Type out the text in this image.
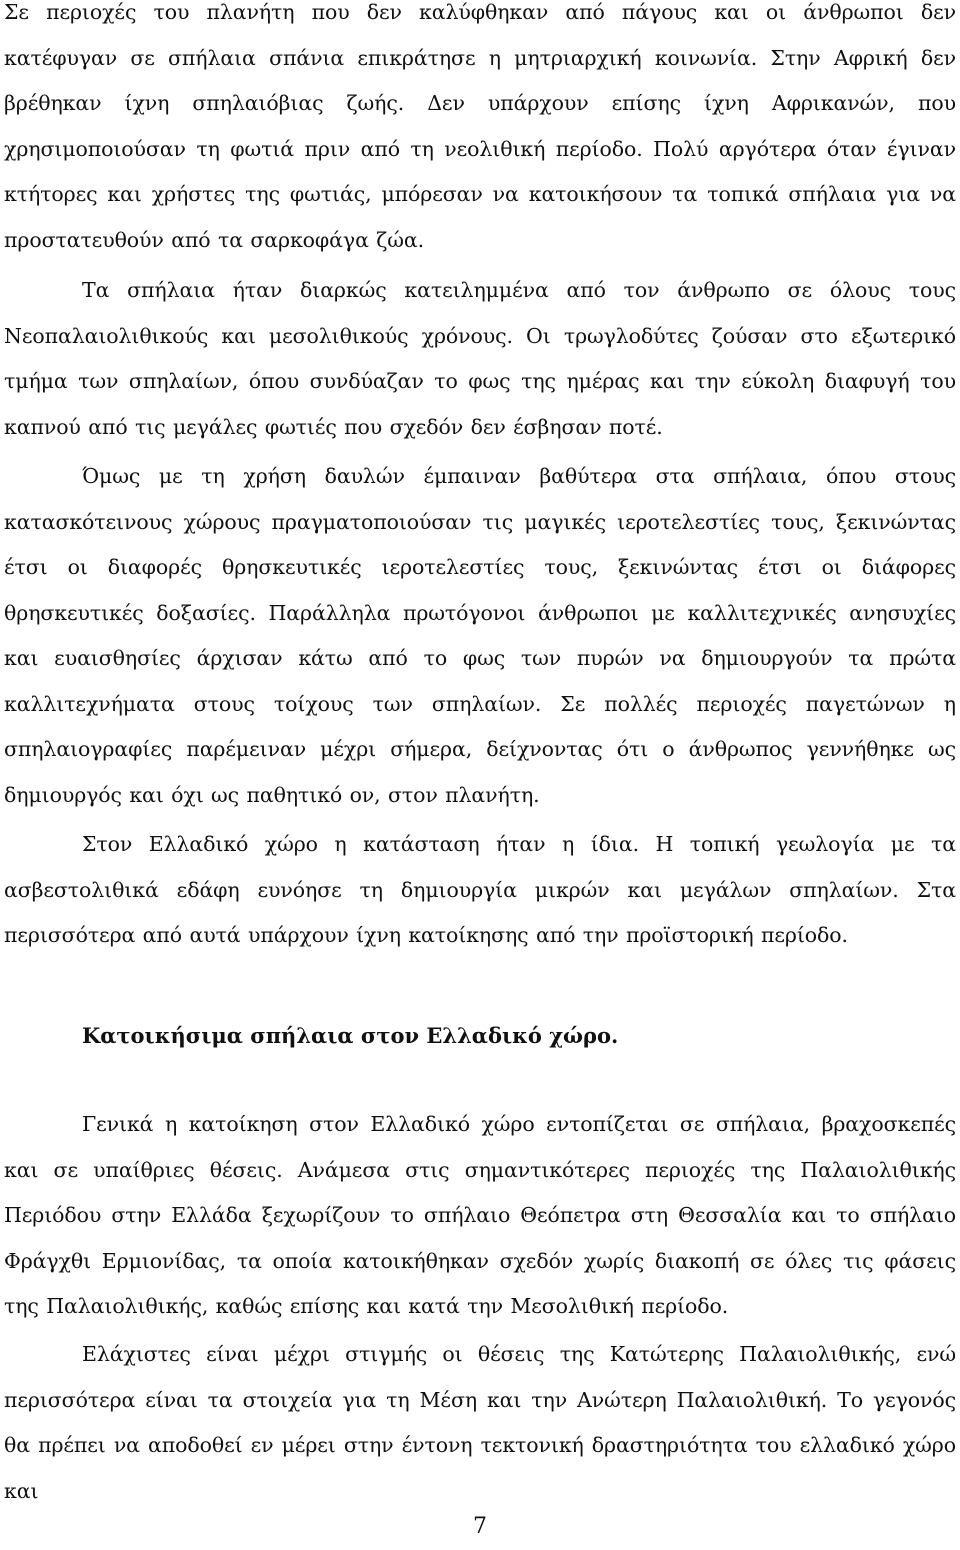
Σε περιοχές του πλανήτη που δεν καλύφθηκαν από πάγους και οι άνθρωποι δεν κατέφυγαν σε σπήλαια σπάνια επικράτησε η μητριαρχική κοινωνία. Στην Αφρική δεν βρέθηκαν ίχνη σπηλαιόβιας ζωής. Δεν υπάρχουν επίσης ίχνη Αφρικανών, που χρησιμοποιούσαν τη φωτιά πριν από τη νεολιθική περίοδο. Πολύ αργότερα όταν έγιναν κτήτορες και χρήστες της φωτιάς, μπόρεσαν να κατοικήσουν τα τοπικά σπήλαια για να προστατευθούν από τα σαρκοφάγα ζώα.

Τα σπήλαια ήταν διαρκώς κατειλημμένα από τον άνθρωπο σε όλους τους Νεοπαλαιολιθικούς και μεσολιθικούς χρόνους. Οι τρωγλοδύτες ζούσαν στο εξωτερικό τμήμα των σπηλαίων, όπου συνδύαζαν το φως της ημέρας και την εύκολη διαφυγή του καπνού από τις μεγάλες φωτιές που σχεδόν δεν έσβησαν ποτέ.

Όμως με τη χρήση δαυλών έμπαιναν βαθύτερα στα σπήλαια, όπου στους κατασκότεινους χώρους πραγματοποιούσαν τις μαγικές ιεροτελεστίες τους, ξεκινώντας έτσι οι διαφορές θρησκευτικές ιεροτελεστίες τους, ξεκινώντας έτσι οι διάφορες θρησκευτικές δοξασίες. Παράλληλα πρωτόγονοι άνθρωποι με καλλιτεχνικές ανησυχίες και ευαισθησίες άρχισαν κάτω από το φως των πυρών να δημιουργούν τα πρώτα καλλιτεχνήματα στους τοίχους των σπηλαίων. Σε πολλές περιοχές παγετώνων η σπηλαιογραφίες παρέμειναν μέχρι σήμερα, δείχνοντας ότι ο άνθρωπος γεννήθηκε ως δημιουργός και όχι ως παθητικό ον, στον πλανήτη.

Στον Ελλαδικό χώρο η κατάσταση ήταν η ίδια. Η τοπική γεωλογία με τα ασβεστολιθικά εδάφη ευνόησε τη δημιουργία μικρών και μεγάλων σπηλαίων. Στα περισσότερα από αυτά υπάρχουν ίχνη κατοίκησης από την προϊστορική περίοδο.

Κατοικήσιμα σπήλαια στον Ελλαδικό χώρο.

Γενικά η κατοίκηση στον Ελλαδικό χώρο εντοπίζεται σε σπήλαια, βραχοσκεπές και σε υπαίθριες θέσεις. Ανάμεσα στις σημαντικότερες περιοχές της Παλαιολιθικής Περιόδου στην Ελλάδα ξεχωρίζουν το σπήλαιο Θεόπετρα στη Θεσσαλία και το σπήλαιο Φράγχθι Ερμιονίδας, τα οποία κατοικήθηκαν σχεδόν χωρίς διακοπή σε όλες τις φάσεις της Παλαιολιθικής, καθώς επίσης και κατά την Μεσολιθική περίοδο.

Ελάχιστες είναι μέχρι στιγμής οι θέσεις της Κατώτερης Παλαιολιθικής, ενώ περισσότερα είναι τα στοιχεία για τη Μέση και την Ανώτερη Παλαιολιθική. Το γεγονός θα πρέπει να αποδοθεί εν μέρει στην έντονη τεκτονική δραστηριότητα του ελλαδικό χώρο και

7
